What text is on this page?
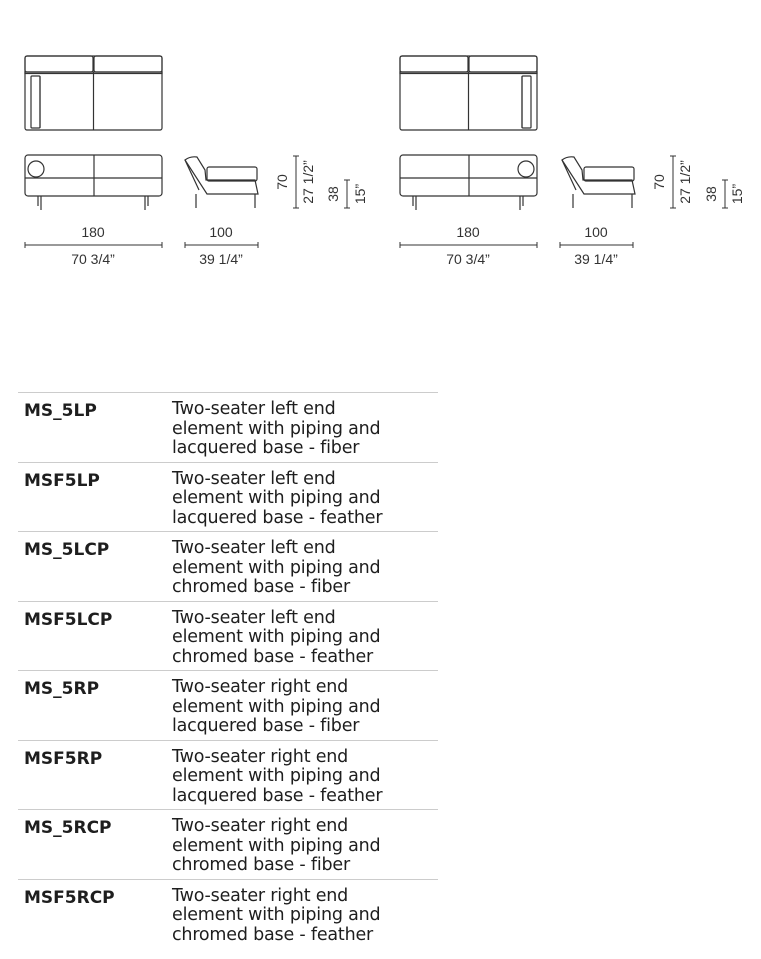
180
70 3/4”
100
39 1/4”
70 27 1/2” 38 15”
180
70 3/4”
100
39 1/4”
70 27 1/2” 38 15”
MS_5LP	Two-seater left end
element with piping and
lacquered base - fiber

MSF5LP	Two-seater left end
element with piping and
lacquered base - feather

MS_5LCP	Two-seater left end
element with piping and
chromed base - fiber

MSF5LCP	Two-seater left end
element with piping and
chromed base - feather

MS_5RP	Two-seater right end
element with piping and
lacquered base - fiber

MSF5RP	Two-seater right end
element with piping and
lacquered base - feather

MS_5RCP	Two-seater right end
element with piping and
chromed base - fiber

MSF5RCP	Two-seater right end
element with piping and
chromed base - feather
